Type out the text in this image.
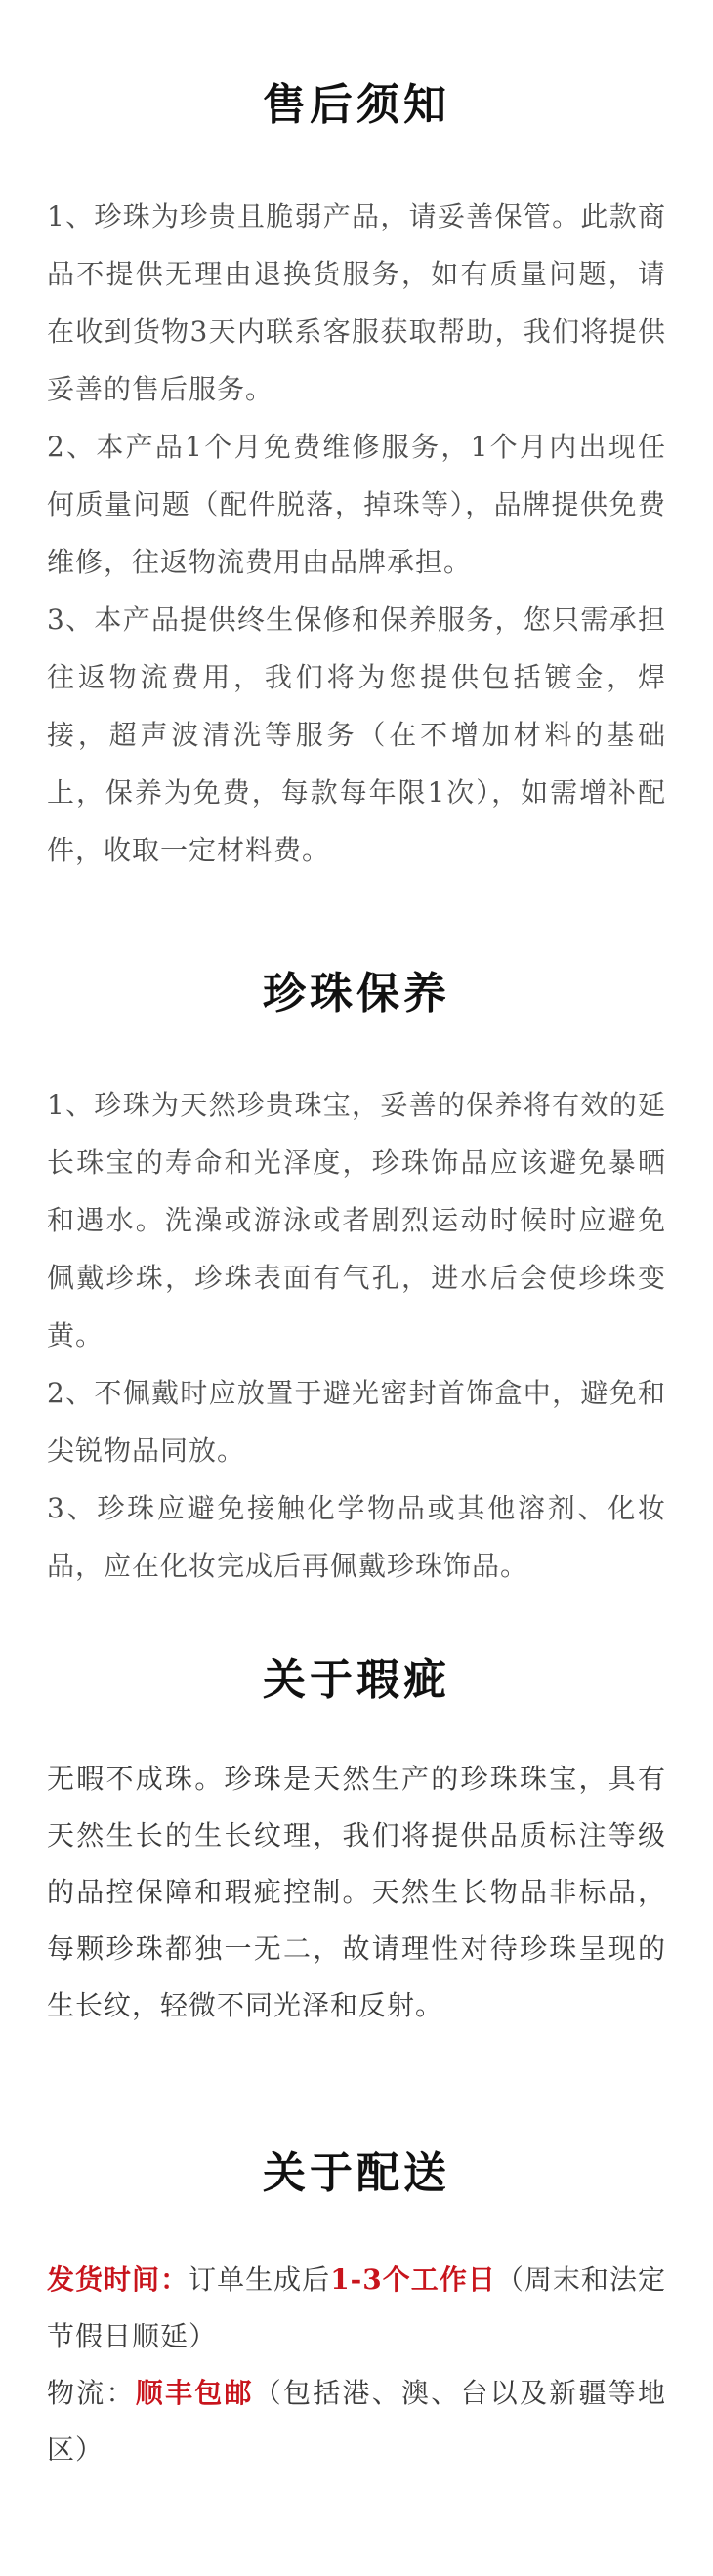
售后须知

1、珍珠为珍贵且脆弱产品，请妥善保管。此款商品不提供无理由退换货服务，如有质量问题，请在收到货物3天内联系客服获取帮助，我们将提供妥善的售后服务。

2、本产品1个月免费维修服务，1个月内出现任何质量问题（配件脱落，掉珠等），品牌提供免费维修，往返物流费用由品牌承担。

3、本产品提供终生保修和保养服务，您只需承担往返物流费用，我们将为您提供包括镀金，焊接，超声波清洗等服务（在不增加材料的基础上，保养为免费，每款每年限1次），如需增补配件，收取一定材料费。

珍珠保养

1、珍珠为天然珍贵珠宝，妥善的保养将有效的延长珠宝的寿命和光泽度，珍珠饰品应该避免暴晒和遇水。洗澡或游泳或者剧烈运动时候时应避免佩戴珍珠，珍珠表面有气孔，进水后会使珍珠变黄。

2、不佩戴时应放置于避光密封首饰盒中，避免和尖锐物品同放。

3、珍珠应避免接触化学物品或其他溶剂、化妆品，应在化妆完成后再佩戴珍珠饰品。

关于瑕疵

无暇不成珠。珍珠是天然生产的珍珠珠宝，具有天然生长的生长纹理，我们将提供品质标注等级的品控保障和瑕疵控制。天然生长物品非标品，每颗珍珠都独一无二，故请理性对待珍珠呈现的生长纹，轻微不同光泽和反射。

关于配送

发货时间：订单生成后1-3个工作日（周末和法定节假日顺延）

物流：顺丰包邮（包括港、澳、台以及新疆等地区）
